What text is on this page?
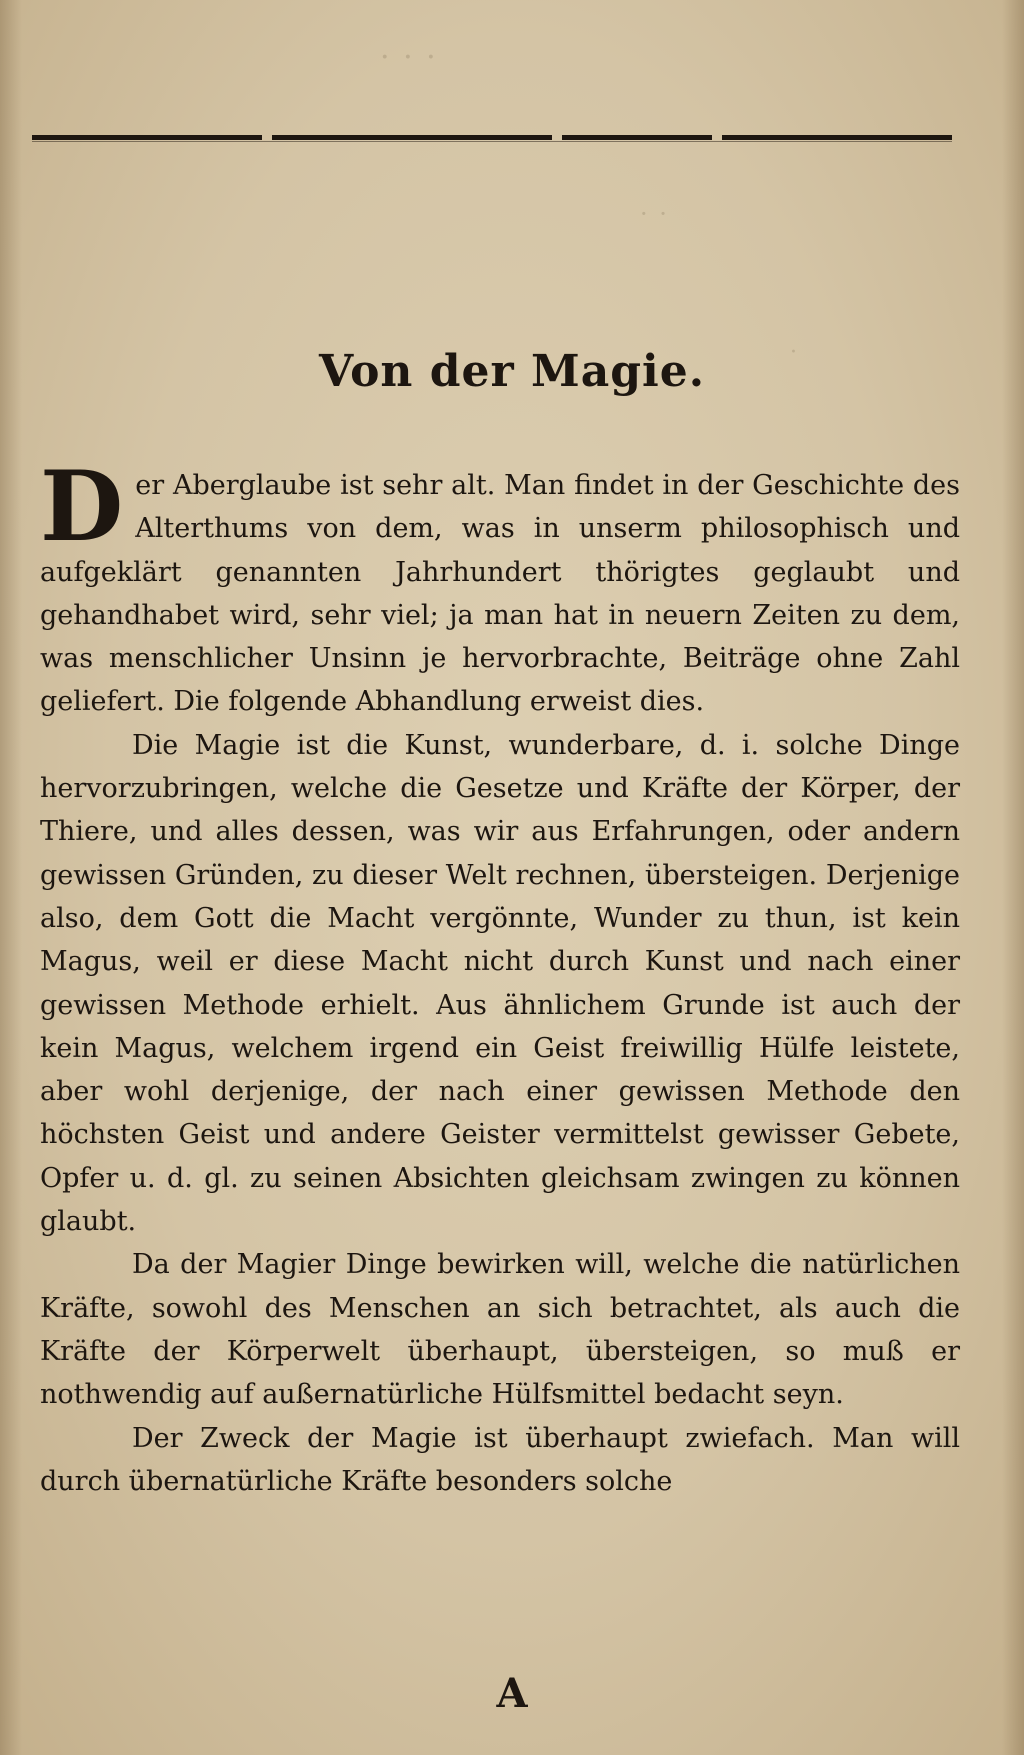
· · ·
· ·
·
Von der Magie.

Der Aberglaube ist sehr alt. Man findet in der Geschichte des Alterthums von dem, was in unserm philosophisch und aufgeklärt genannten Jahrhundert thörigtes geglaubt und gehandhabet wird, sehr viel; ja man hat in neuern Zeiten zu dem, was menschlicher Unsinn je hervorbrachte, Beiträge ohne Zahl geliefert. Die folgende Abhandlung erweist dies.

Die Magie ist die Kunst, wunderbare, d. i. solche Dinge hervorzubringen, welche die Gesetze und Kräfte der Körper, der Thiere, und alles dessen, was wir aus Erfahrungen, oder andern gewissen Gründen, zu dieser Welt rechnen, übersteigen. Derjenige also, dem Gott die Macht vergönnte, Wunder zu thun, ist kein Magus, weil er diese Macht nicht durch Kunst und nach einer gewissen Methode erhielt. Aus ähnlichem Grunde ist auch der kein Magus, welchem irgend ein Geist freiwillig Hülfe leistete, aber wohl derjenige, der nach einer gewissen Methode den höchsten Geist und andere Geister vermittelst gewisser Gebete, Opfer u. d. gl. zu seinen Absichten gleichsam zwingen zu können glaubt.

Da der Magier Dinge bewirken will, welche die natürlichen Kräfte, sowohl des Menschen an sich betrachtet, als auch die Kräfte der Körperwelt überhaupt, übersteigen, so muß er nothwendig auf außernatürliche Hülfsmittel bedacht seyn.

Der Zweck der Magie ist überhaupt zwiefach. Man will durch übernatürliche Kräfte besonders solche

A
